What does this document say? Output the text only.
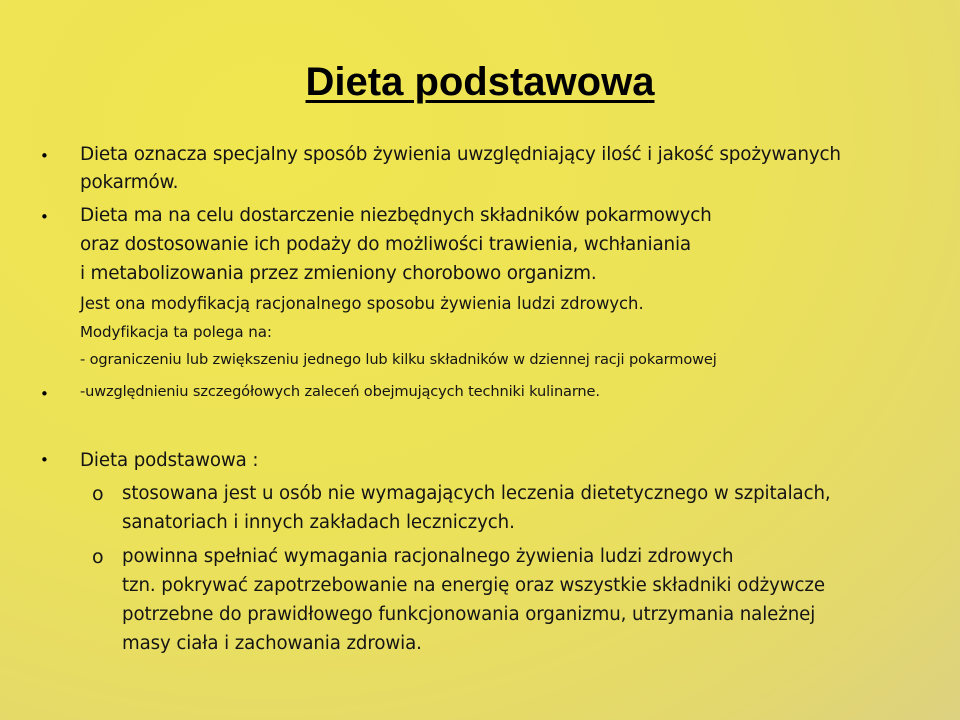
Dieta podstawowa
• Dieta oznacza specjalny sposób żywienia uwzględniający ilość i jakość spożywanych
pokarmów.
• Dieta ma na celu dostarczenie niezbędnych składników pokarmowych
oraz dostosowanie ich podaży do możliwości trawienia, wchłaniania
i metabolizowania przez zmieniony chorobowo organizm.
Jest ona modyfikacją racjonalnego sposobu żywienia ludzi zdrowych.
Modyfikacja ta polega na:
- ograniczeniu lub zwiększeniu jednego lub kilku składników w dziennej racji pokarmowej
• -uwzględnieniu szczegółowych zaleceń obejmujących techniki kulinarne.
• Dieta podstawowa :
o stosowana jest u osób nie wymagających leczenia dietetycznego w szpitalach,
sanatoriach i innych zakładach leczniczych.
o powinna spełniać wymagania racjonalnego żywienia ludzi zdrowych
tzn. pokrywać zapotrzebowanie na energię oraz wszystkie składniki odżywcze
potrzebne do prawidłowego funkcjonowania organizmu, utrzymania należnej
masy ciała i zachowania zdrowia.
